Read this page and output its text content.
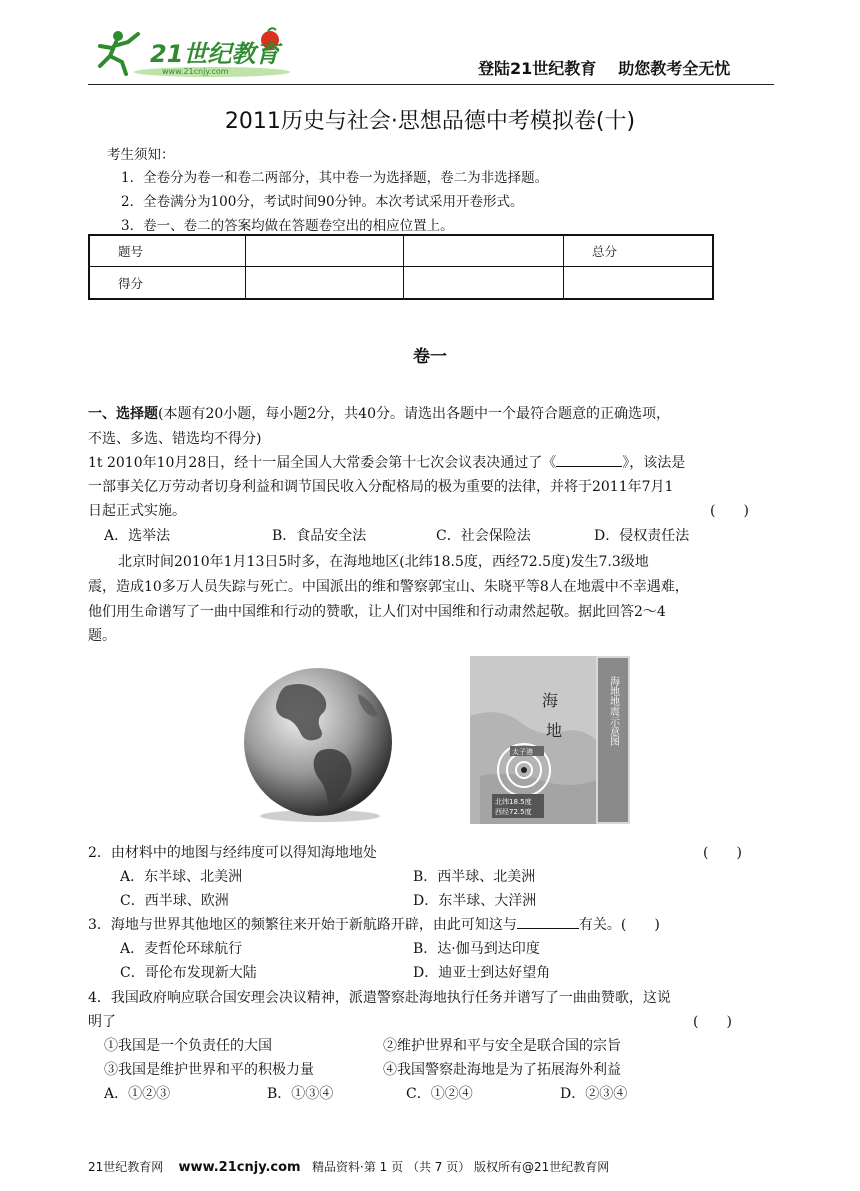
21世纪教育
www.21cnjy.com	登陆21世纪教育 助您教考全无忧
2011历史与社会·思想品德中考模拟卷(十)
考生须知：
1．全卷分为卷一和卷二两部分，其中卷一为选择题，卷二为非选择题。
2．全卷满分为100分，考试时间90分钟。本次考试采用开卷形式。
3．卷一、卷二的答案均做在答题卷空出的相应位置上。
题号			总分
得分			
卷一
一、选择题(本题有20小题，每小题2分，共40分。请选出各题中一个最符合题意的正确选项，
不选、多选、错选均不得分)
1t 2010年10月28日，经十一届全国人大常委会第十七次会议表决通过了《	》，该法是
一部事关亿万劳动者切身利益和调节国民收入分配格局的极为重要的法律，并将于2011年7月1
日起正式实施。	(　　)
A．选举法	B．食品安全法	C．社会保险法	D．侵权责任法
北京时间2010年1月13日5时多，在海地地区(北纬18.5度，西经72.5度)发生7.3级地
震，造成10多万人员失踪与死亡。中国派出的维和警察郭宝山、朱晓平等8人在地震中不幸遇难，
他们用生命谱写了一曲中国维和行动的赞歌，让人们对中国维和行动肃然起敬。据此回答2～4
题。
海地地震示意图
海
地
太子港
北纬18.5度
西经72.5度
2．由材料中的地图与经纬度可以得知海地地处	(　　)
A．东半球、北美洲	B．西半球、北美洲
C．西半球、欧洲	D．东半球、大洋洲
3．海地与世界其他地区的频繁往来开始于新航路开辟，由此可知这与	有关。(　　)
A．麦哲伦环球航行	B．达·伽马到达印度
C．哥伦布发现新大陆	D．迪亚士到达好望角
4．我国政府响应联合国安理会决议精神，派遣警察赴海地执行任务并谱写了一曲曲赞歌，这说
明了	(　　)
①我国是一个负责任的大国	②维护世界和平与安全是联合国的宗旨
③我国是维护世界和平的积极力量	④我国警察赴海地是为了拓展海外利益
A．①②③	B．①③④	C．①②④	D．②③④
21世纪教育网 www.21cnjy.com 精品资料·第 1 页 （共 7 页） 版权所有@21世纪教育网
